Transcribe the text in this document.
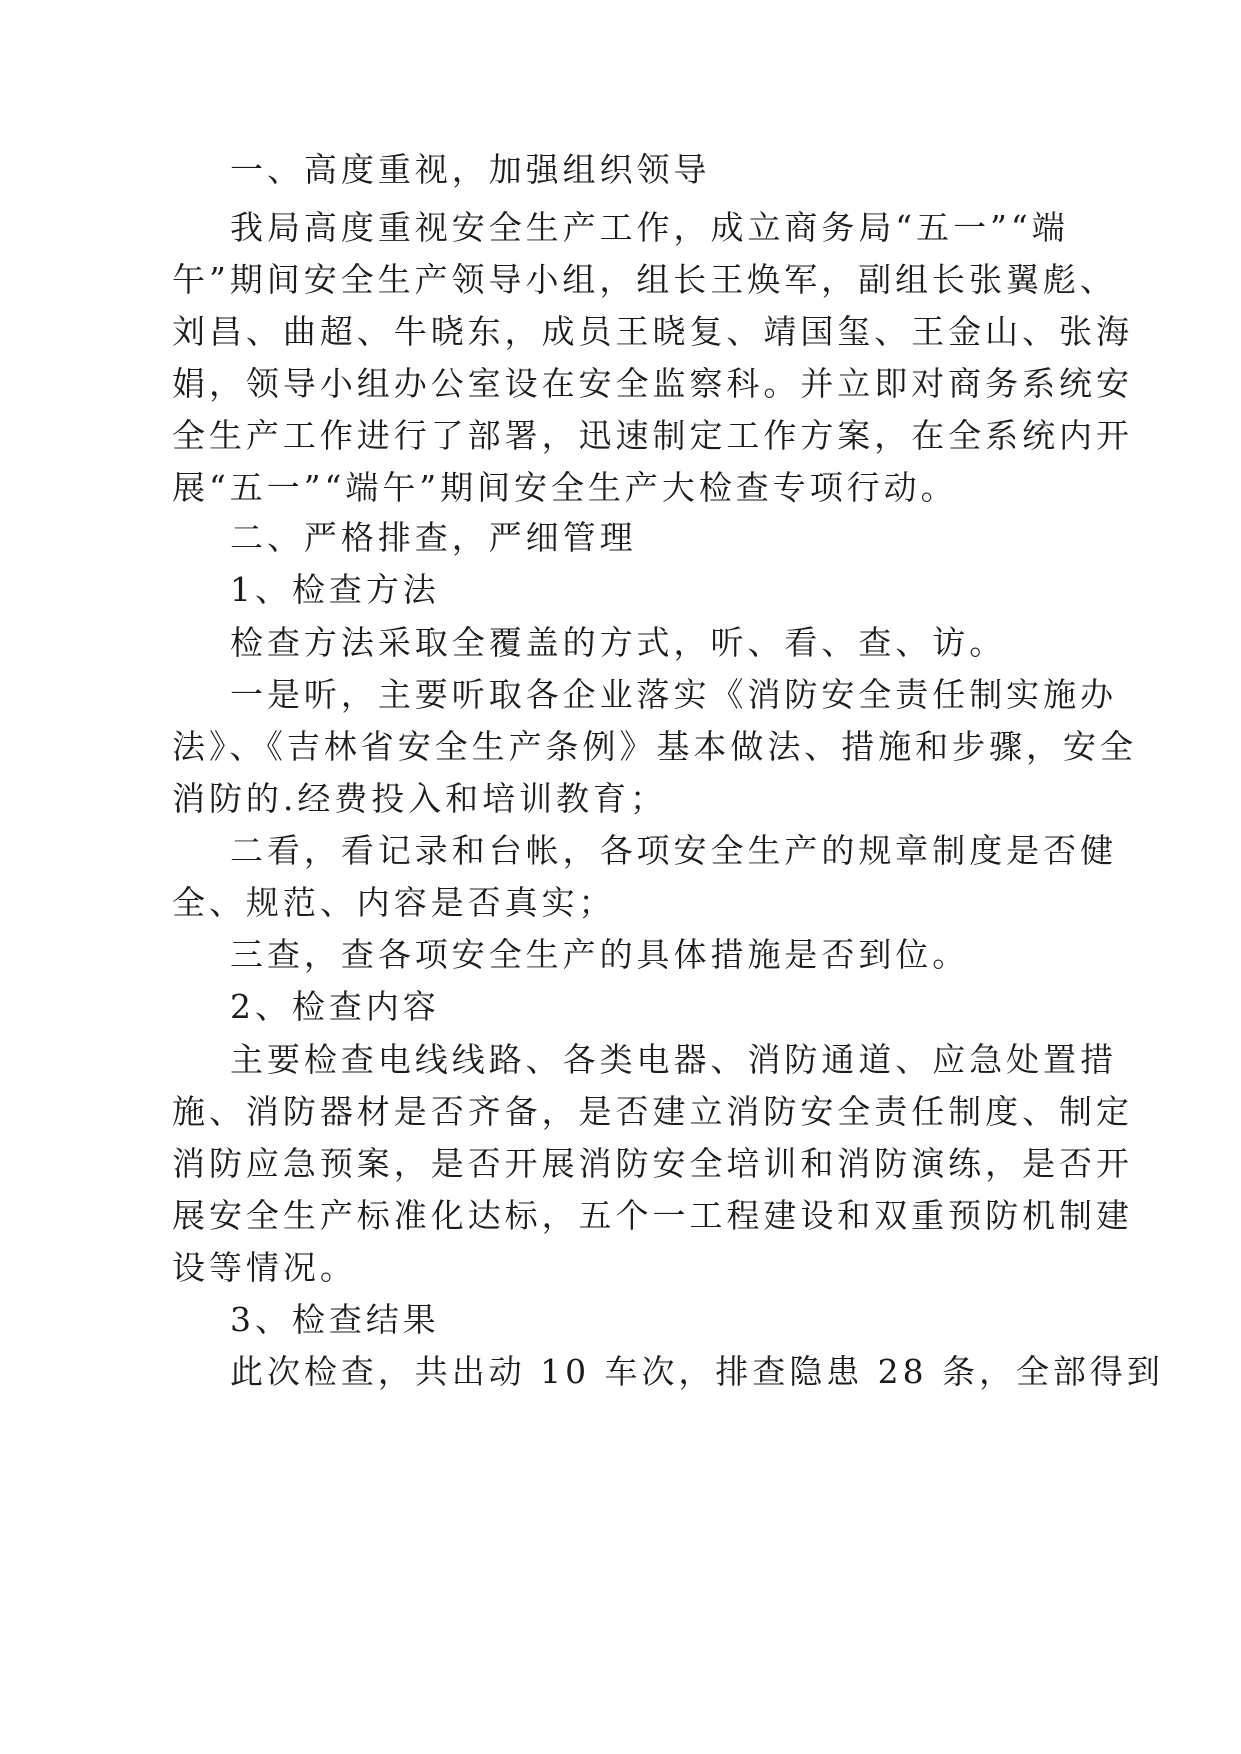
一、高度重视，加强组织领导
我局高度重视安全生产工作，成立商务局“五一”“端
午”期间安全生产领导小组，组长王焕军，副组长张翼彪、
刘昌、曲超、牛晓东，成员王晓复、靖国玺、王金山、张海
娟，领导小组办公室设在安全监察科。并立即对商务系统安
全生产工作进行了部署，迅速制定工作方案，在全系统内开
展“五一”“端午”期间安全生产大检查专项行动。
二、严格排查，严细管理
1、检查方法
检查方法采取全覆盖的方式，听、看、查、访。
一是听，主要听取各企业落实《消防安全责任制实施办
法》、《吉林省安全生产条例》基本做法、措施和步骤，安全
消防的.经费投入和培训教育；
二看，看记录和台帐，各项安全生产的规章制度是否健
全、规范、内容是否真实；
三查，查各项安全生产的具体措施是否到位。
2、检查内容
主要检查电线线路、各类电器、消防通道、应急处置措
施、消防器材是否齐备，是否建立消防安全责任制度、制定
消防应急预案，是否开展消防安全培训和消防演练，是否开
展安全生产标准化达标，五个一工程建设和双重预防机制建
设等情况。
3、检查结果
此次检查，共出动 10 车次，排查隐患 28 条，全部得到
